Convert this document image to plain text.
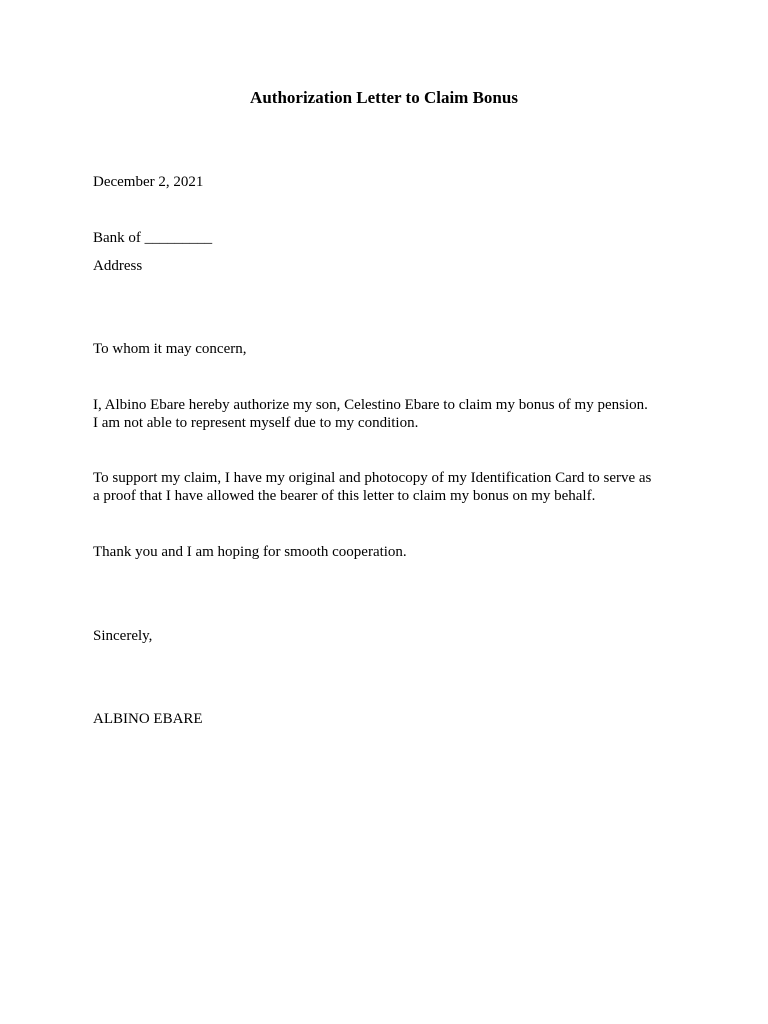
Authorization Letter to Claim Bonus

December 2, 2021

Bank of _________

Address

To whom it may concern,

I, Albino Ebare hereby authorize my son, Celestino Ebare to claim my bonus of my pension.

I am not able to represent myself due to my condition.

To support my claim, I have my original and photocopy of my Identification Card to serve as

a proof that I have allowed the bearer of this letter to claim my bonus on my behalf.

Thank you and I am hoping for smooth cooperation.

Sincerely,

ALBINO EBARE
